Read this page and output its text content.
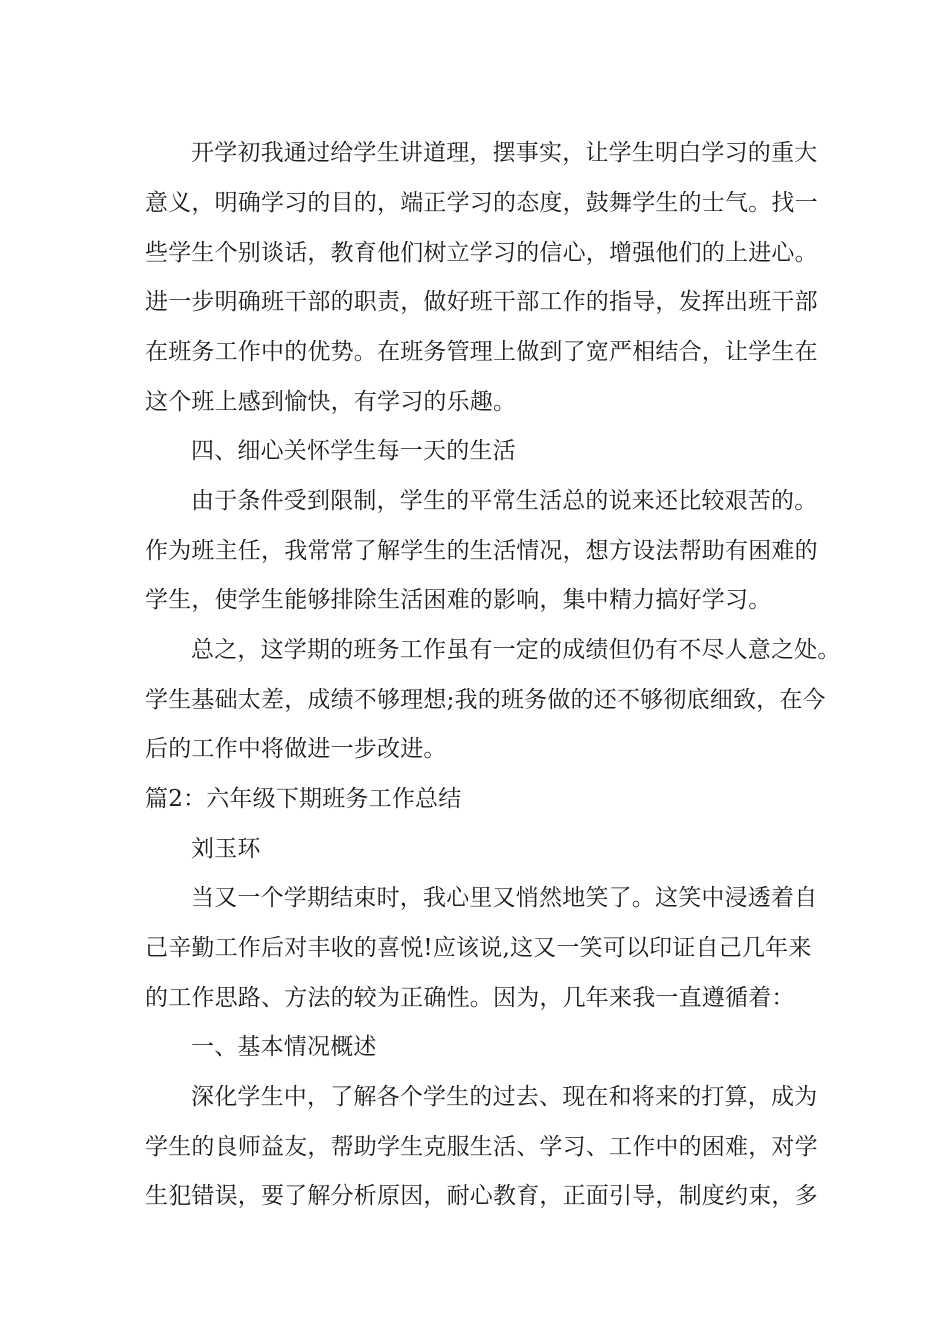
开学初我通过给学生讲道理，摆事实，让学生明白学习的重大

意义，明确学习的目的，端正学习的态度，鼓舞学生的士气。找一

些学生个别谈话，教育他们树立学习的信心，增强他们的上进心。

进一步明确班干部的职责，做好班干部工作的指导，发挥出班干部

在班务工作中的优势。在班务管理上做到了宽严相结合，让学生在

这个班上感到愉快，有学习的乐趣。

四、细心关怀学生每一天的生活

由于条件受到限制，学生的平常生活总的说来还比较艰苦的。

作为班主任，我常常了解学生的生活情况，想方设法帮助有困难的

学生，使学生能够排除生活困难的影响，集中精力搞好学习。

总之，这学期的班务工作虽有一定的成绩但仍有不尽人意之处。

学生基础太差，成绩不够理想;我的班务做的还不够彻底细致，在今

后的工作中将做进一步改进。

篇2：六年级下期班务工作总结

刘玉环

当又一个学期结束时，我心里又悄然地笑了。这笑中浸透着自

己辛勤工作后对丰收的喜悦!应该说,这又一笑可以印证自己几年来

的工作思路、方法的较为正确性。因为，几年来我一直遵循着：

一、基本情况概述

深化学生中，了解各个学生的过去、现在和将来的打算，成为

学生的良师益友，帮助学生克服生活、学习、工作中的困难，对学

生犯错误，要了解分析原因，耐心教育，正面引导，制度约束，多
